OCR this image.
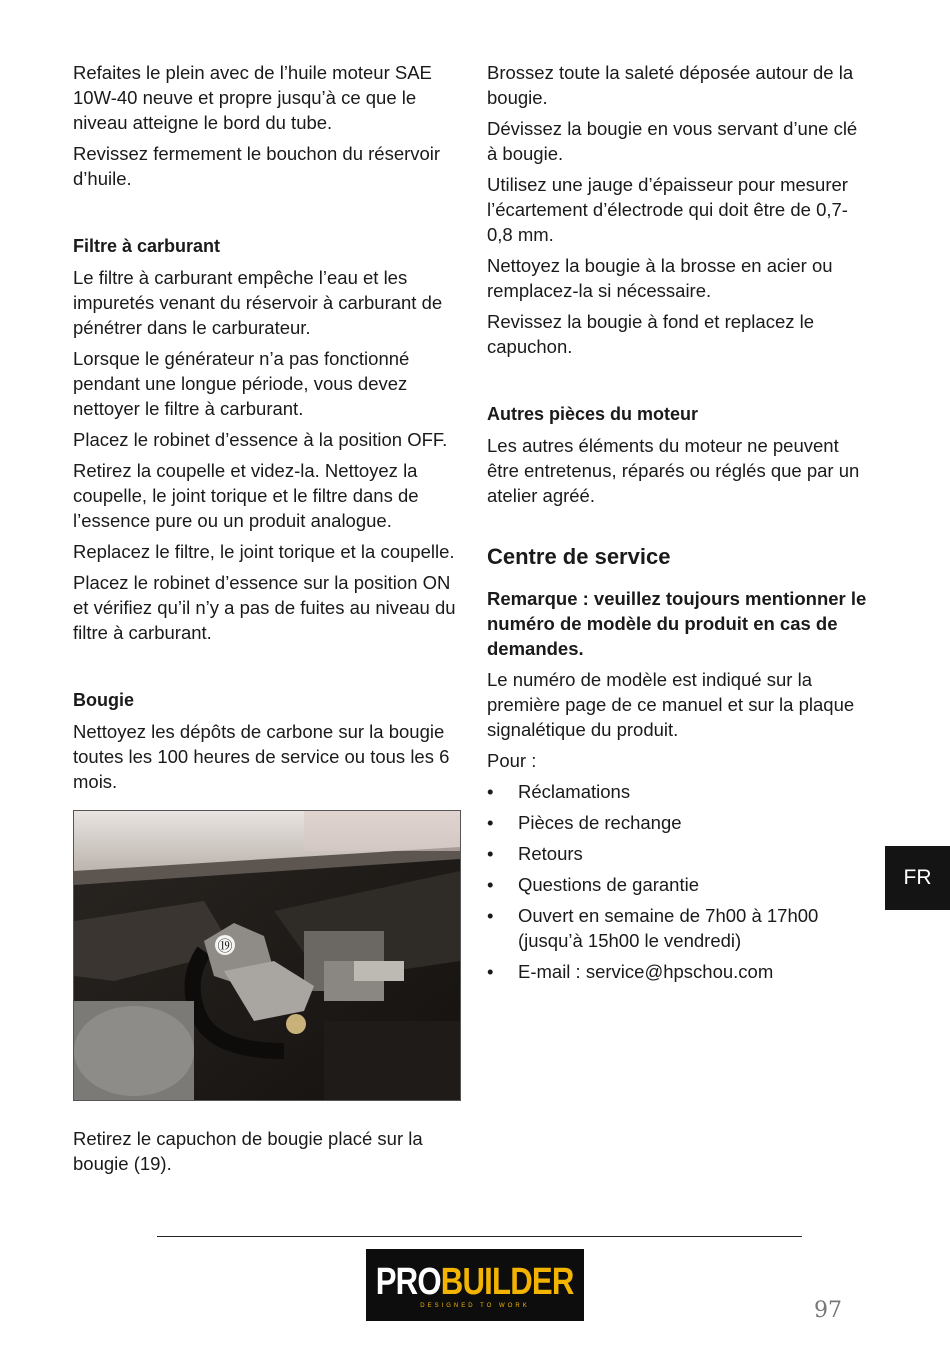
Refaites le plein avec de l’huile moteur SAE 10W-40 neuve et propre jusqu’à ce que le niveau atteigne le bord du tube.

Revissez fermement le bouchon du réservoir d’huile.

Filtre à carburant

Le filtre à carburant empêche l’eau et les impuretés venant du réservoir à carburant de pénétrer dans le carburateur.

Lorsque le générateur n’a pas fonctionné pendant une longue période, vous devez nettoyer le filtre à carburant.

Placez le robinet d’essence à la position OFF.

Retirez la coupelle et videz-la. Nettoyez la coupelle, le joint torique et le filtre dans de l’essence pure ou un produit analogue.

Replacez le filtre, le joint torique et la coupelle.

Placez le robinet d’essence sur la position ON et vérifiez qu’il n’y a pas de fuites au niveau du filtre à carburant.

Bougie

Nettoyez les dépôts de carbone sur la bougie toutes les 100 heures de service ou tous les 6 mois.

⑲

Retirez le capuchon de bougie placé sur la bougie (19).

Brossez toute la saleté déposée autour de la bougie.

Dévissez la bougie en vous servant d’une clé à bougie.

Utilisez une jauge d’épaisseur pour mesurer l’écartement d’électrode qui doit être de 0,7-0,8 mm.

Nettoyez la bougie à la brosse en acier ou remplacez-la si nécessaire.

Revissez la bougie à fond et replacez le capuchon.

Autres pièces du moteur

Les autres éléments du moteur ne peuvent être entretenus, réparés ou réglés que par un atelier agréé.

Centre de service

Remarque : veuillez toujours mentionner le numéro de modèle du produit en cas de demandes.

Le numéro de modèle est indiqué sur la première page de ce manuel et sur la plaque signalétique du produit.

Pour :

• Réclamations
• Pièces de rechange
• Retours
• Questions de garantie
• Ouvert en semaine de 7h00 à 17h00 (jusqu’à 15h00 le vendredi)
• E-mail : service@hpschou.com
FR
PROBUILDER
DESIGNED TO WORK	97
